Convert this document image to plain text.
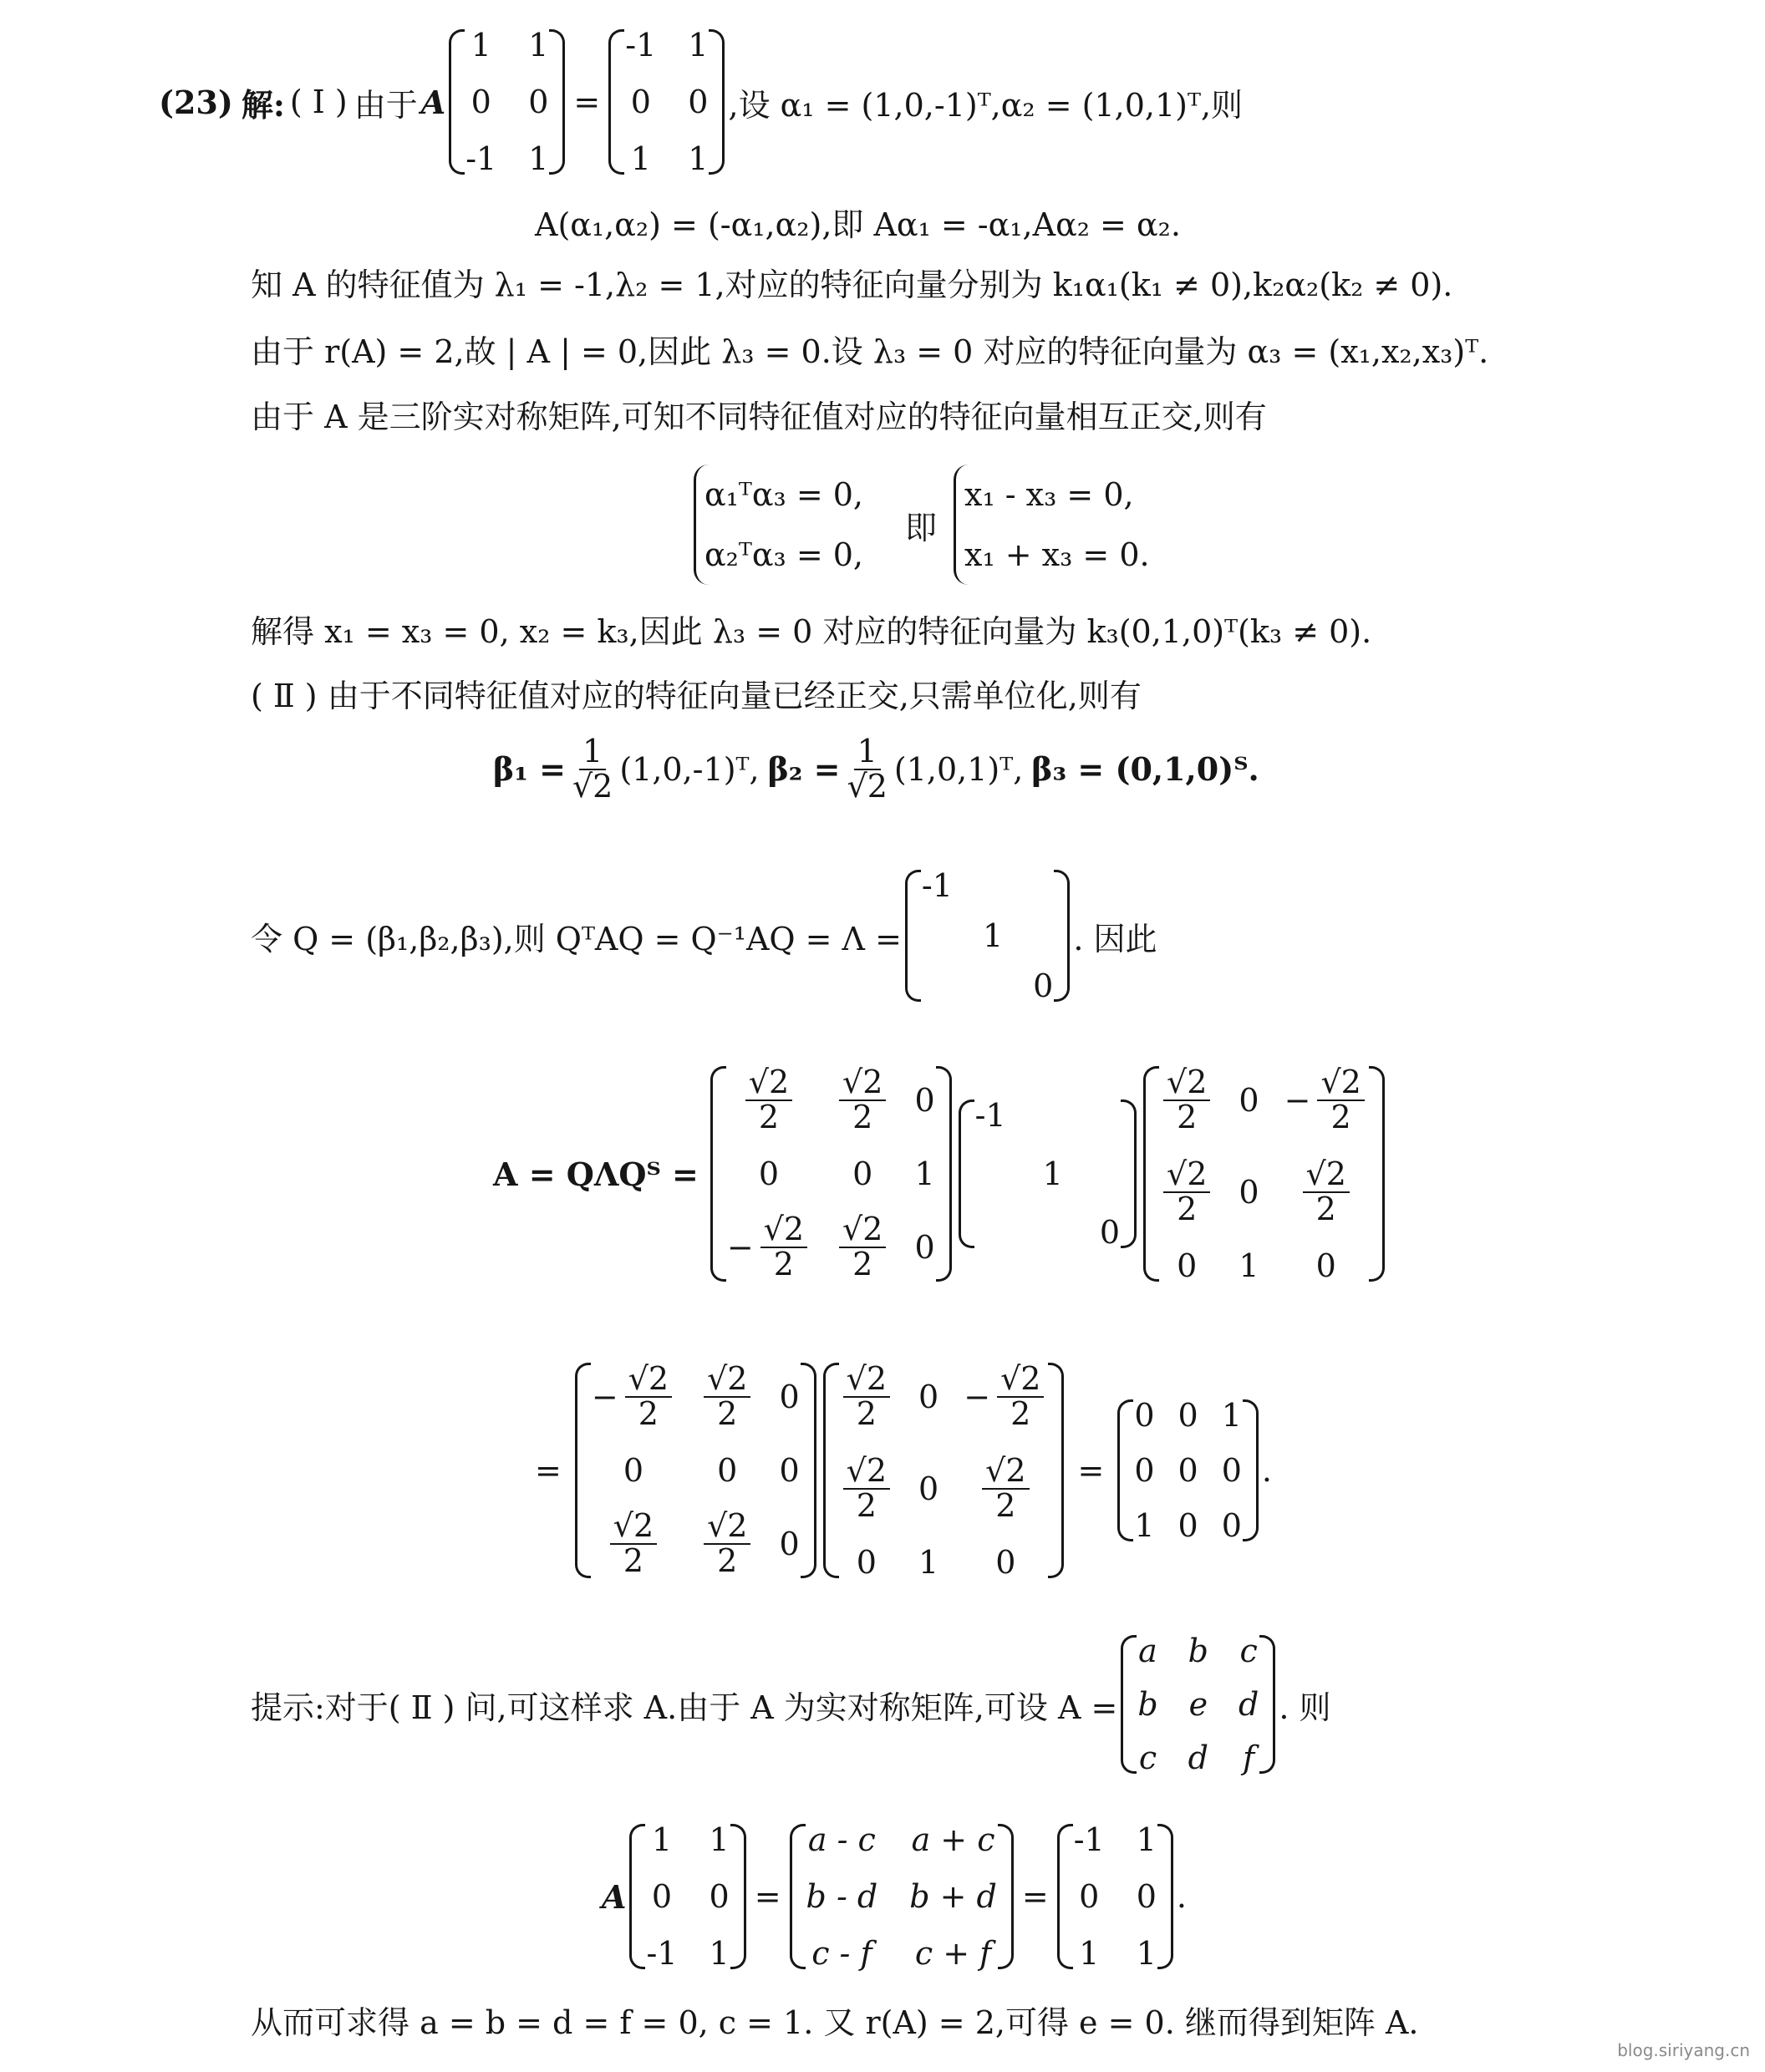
(23) 解: ( Ⅰ ) 由于 A
1 1
0 0
-1 1
=
-1 1
0 0
1 1
,设 α₁ = (1,0,-1)ᵀ,α₂ = (1,0,1)ᵀ,则
A(α₁,α₂) = (-α₁,α₂),即 Aα₁ = -α₁,Aα₂ = α₂.
知 A 的特征值为 λ₁ = -1,λ₂ = 1,对应的特征向量分别为 k₁α₁(k₁ ≠ 0),k₂α₂(k₂ ≠ 0).
由于 r(A) = 2,故 | A | = 0,因此 λ₃ = 0.设 λ₃ = 0 对应的特征向量为 α₃ = (x₁,x₂,x₃)ᵀ.
由于 A 是三阶实对称矩阵,可知不同特征值对应的特征向量相互正交,则有
α₁ᵀα₃ = 0,
α₂ᵀα₃ = 0,
即
x₁ - x₃ = 0,
x₁ + x₃ = 0.
解得 x₁ = x₃ = 0, x₂ = k₃,因此 λ₃ = 0 对应的特征向量为 k₃(0,1,0)ᵀ(k₃ ≠ 0).
( Ⅱ ) 由于不同特征值对应的特征向量已经正交,只需单位化,则有
$\beta_1 = \frac{1}{√2}$ (1,0,-1)ᵀ, $\beta_2 = \frac{1}{√2}$ (1,0,1)ᵀ, β₃ = (0,1,0)ᵀ.
令 Q = (β₁,β₂,β₃),则 QᵀAQ = Q⁻¹AQ = Λ =
-1

1

0
. 因此
A = QΛQᵀ =
$\frac{√2}{2} \frac{√2}{2} 0$
0 0 1
− $\frac{√2}{2} \frac{√2}{2} 0$
-1

1

0
$\frac{√2}{2} 0 - \frac{√2}{2}$
$\frac{√2}{2} 0 \frac{√2}{2}$
0 1 0
=
− $\frac{√2}{2} \frac{√2}{2} 0$
0 0 0
$\frac{√2}{2} \frac{√2}{2} 0$
$\frac{√2}{2} 0 - \frac{√2}{2}$
$\frac{√2}{2} 0 \frac{√2}{2}$
0 1 0
=
0 0 1
0 0 0
1 0 0
.
提示:对于( Ⅱ ) 问,可这样求 A.由于 A 为实对称矩阵,可设 A =
a b c
b e d
c d f
. 则
A
1 1
0 0
-1 1
=
a - c a + c
b - d b + d
c - f c + f
=
-1 1
0 0
1 1
.
从而可求得 a = b = d = f = 0, c = 1. 又 r(A) = 2,可得 e = 0. 继而得到矩阵 A.
blog.siriyang.cn
